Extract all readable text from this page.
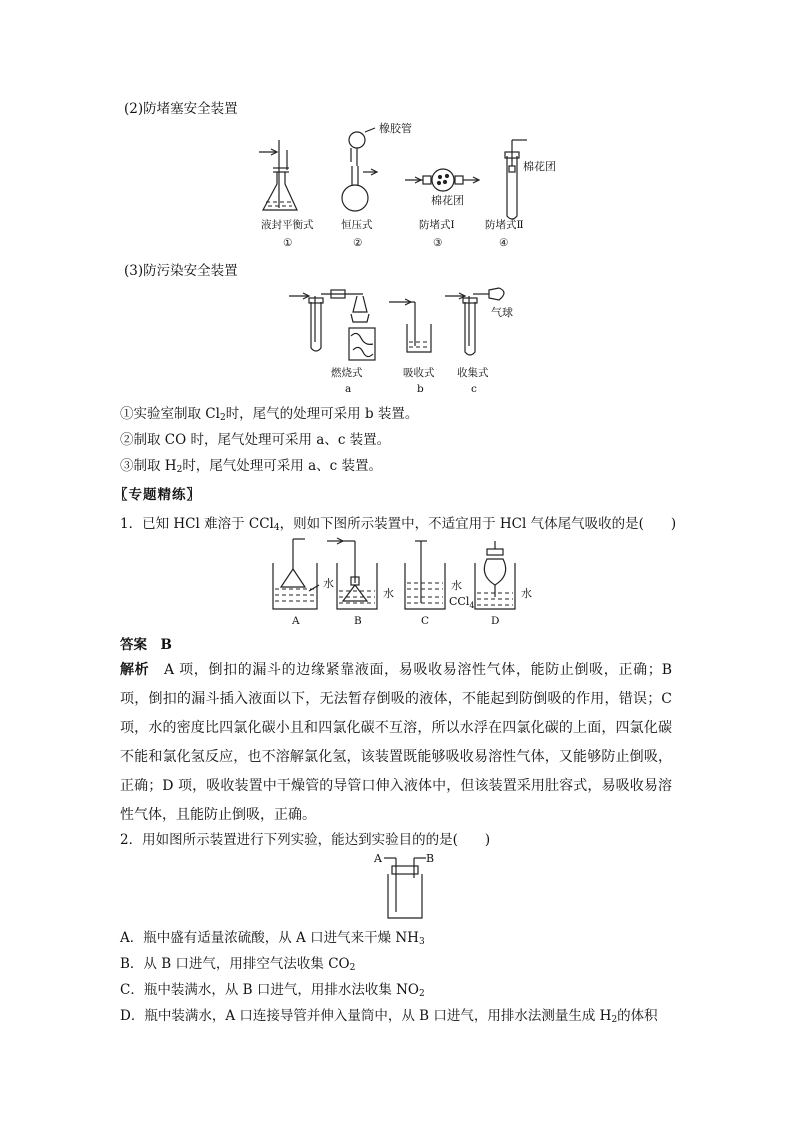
(2)防堵塞安全装置
橡胶管
棉花团
棉花团
液封平衡式	恒压式	防堵式Ⅰ	防堵式Ⅱ
①	②	③	④
(3)防污染安全装置
气球
燃烧式	吸收式 收集式
a	b	c
①实验室制取 $Cl_2$时，尾气的处理可采用 b 装置。
②制取 CO 时，尾气处理可采用 a、c 装置。
③制取 $H_2$时，尾气处理可采用 a、c 装置。
〖专题精练〗
1．已知 HCl 难溶于 CCl$_4$，则如下图所示装置中，不适宜用于 HCl 气体尾气吸收的是(　　)
水
水
水
CCl$_4$
水
A	B	C	D
答案　B
解析　 A 项，倒扣的漏斗的边缘紧靠液面，易吸收易溶性气体，能防止倒吸，正确；B 项，倒扣的漏斗插入液面以下，无法暂存倒吸的液体，不能起到防倒吸的作用，错误；C 项，水的密度比四氯化碳小且和四氯化碳不互溶，所以水浮在四氯化碳的上面，四氯化碳不能和氯化氢反应，也不溶解氯化氢，该装置既能够吸收易溶性气体，又能够防止倒吸，正确；D 项，吸收装置中干燥管的导管口伸入液体中，但该装置采用肚容式，易吸收易溶性气体，且能防止倒吸，正确。
2．用如图所示装置进行下列实验，能达到实验目的的是(　　)
A	B
A．瓶中盛有适量浓硫酸，从 A 口进气来干燥 $NH_3$
B．从 B 口进气，用排空气法收集 $CO_2$
C．瓶中装满水，从 B 口进气，用排水法收集 $NO_2$
D．瓶中装满水，A 口连接导管并伸入量筒中，从 B 口进气，用排水法测量生成 $H_2$的体积
